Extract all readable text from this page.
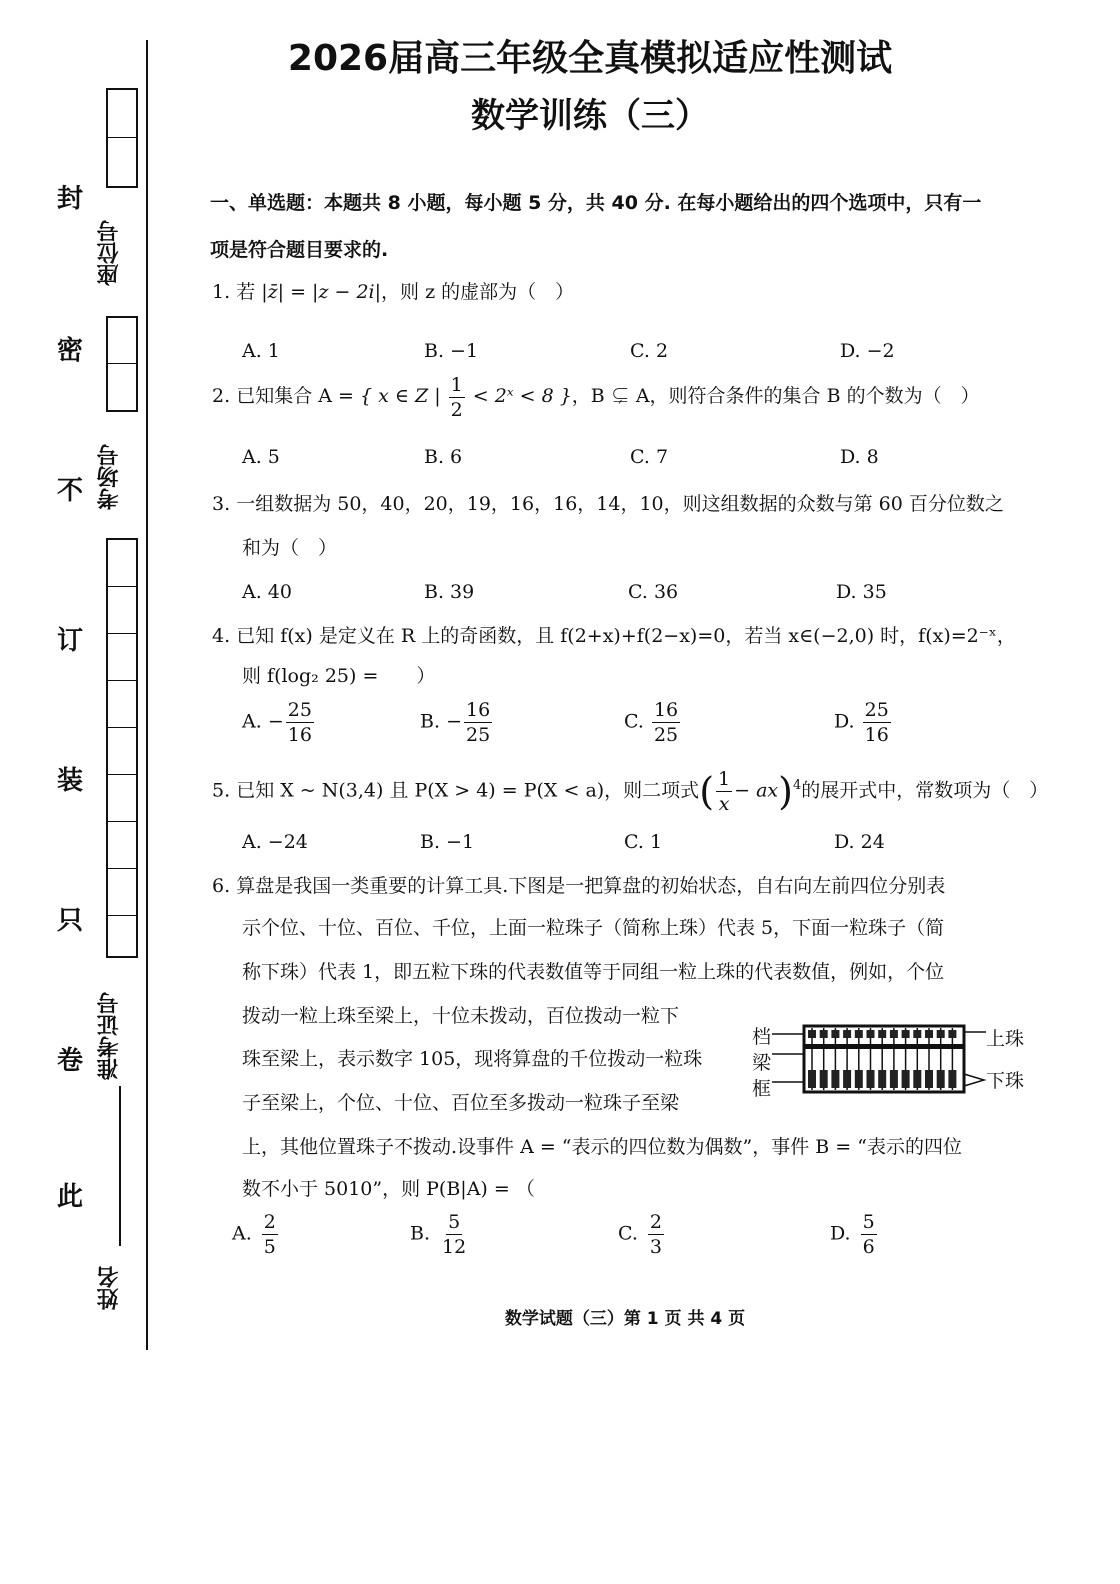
封
密
不
订
装
只
卷
此
座位号
考场号
准考证号
姓名
2026届高三年级全真模拟适应性测试
数学训练（三）
一、单选题：本题共 8 小题，每小题 5 分，共 40 分. 在每小题给出的四个选项中，只有一
项是符合题目要求的.
1. 若 |z̄| = |z − 2i|，则 z 的虚部为（　）
A. 1	B. −1	C. 2	D. −2
2. 已知集合 A = { x ∈ Z | $\frac{1}{2}$ < 2ˣ < 8 }，B ⊊ A，则符合条件的集合 B 的个数为（　）
A. 5	B. 6	C. 7	D. 8
3. 一组数据为 50，40，20，19，16，16，14，10，则这组数据的众数与第 60 百分位数之
和为（　）
A. 40	B. 39	C. 36	D. 35
4. 已知 f(x) 是定义在 R 上的奇函数，且 f(2+x)+f(2−x)=0，若当 x∈(−2,0) 时，f(x)=2⁻ˣ，
则 f(log₂ 25) =　　）
A. − $\frac{25}{16}$	B. − $\frac{16}{25}$	C. $\frac{16}{25}$	D. $\frac{25}{16}$
5. 已知 X ~ N(3,4) 且 P(X > 4) = P(X < a)，则二项式( $\frac{1}{x} - ax)^4$的展开式中，常数项为（　）
A. −24	B. −1	C. 1	D. 24
6. 算盘是我国一类重要的计算工具.下图是一把算盘的初始状态，自右向左前四位分别表
示个位、十位、百位、千位，上面一粒珠子（简称上珠）代表 5，下面一粒珠子（简
称下珠）代表 1，即五粒下珠的代表数值等于同组一粒上珠的代表数值，例如，个位
拨动一粒上珠至梁上，十位未拨动，百位拨动一粒下
珠至梁上，表示数字 105，现将算盘的千位拨动一粒珠
子至梁上，个位、十位、百位至多拨动一粒珠子至梁
上，其他位置珠子不拨动.设事件 A = “表示的四位数为偶数”，事件 B = “表示的四位
数不小于 5010”，则 P(B|A) = （
档
梁
框
上珠
下珠
A. $\frac{2}{5}$	B. $\frac{5}{12}$	C. $\frac{2}{3}$	D. $\frac{5}{6}$
数学试题（三）第 1 页 共 4 页
